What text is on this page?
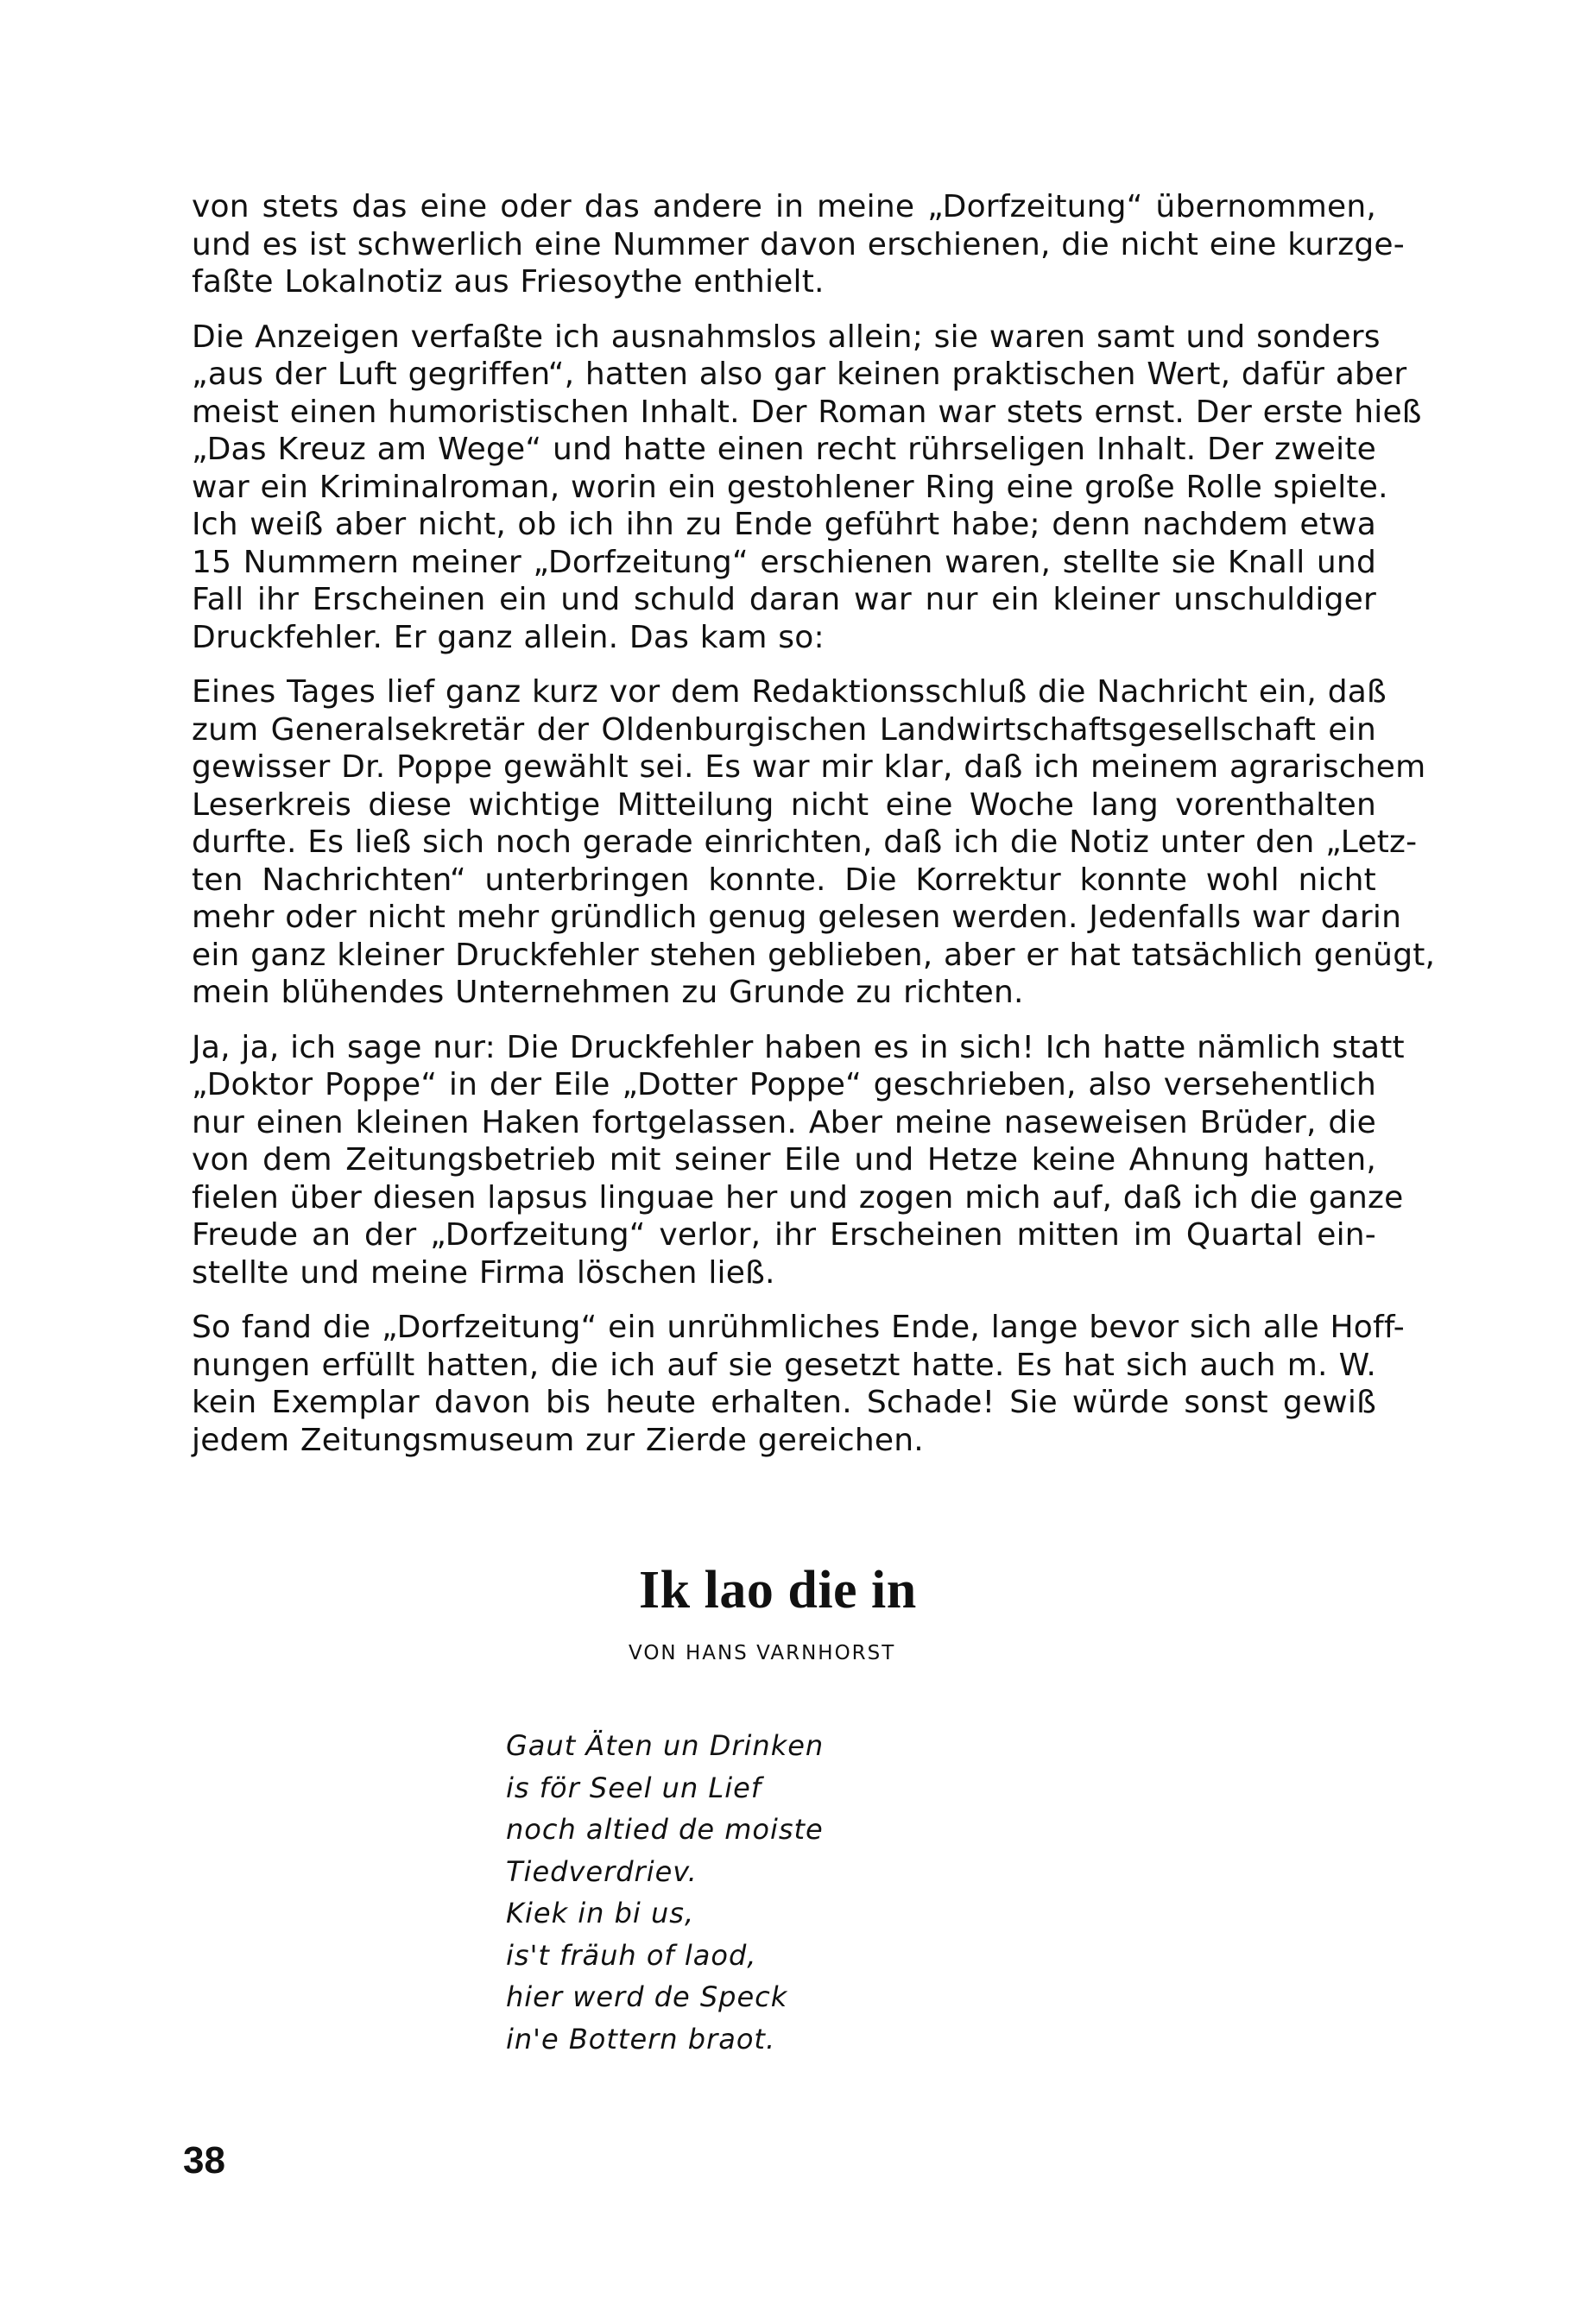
von stets das eine oder das andere in meine „Dorfzeitung“ übernommen,
und es ist schwerlich eine Nummer davon erschienen, die nicht eine kurzge-
faßte Lokalnotiz aus Friesoythe enthielt.

Die Anzeigen verfaßte ich ausnahmslos allein; sie waren samt und sonders
„aus der Luft gegriffen“, hatten also gar keinen praktischen Wert, dafür aber
meist einen humoristischen Inhalt. Der Roman war stets ernst. Der erste hieß
„Das Kreuz am Wege“ und hatte einen recht rührseligen Inhalt. Der zweite
war ein Kriminalroman, worin ein gestohlener Ring eine große Rolle spielte.
Ich weiß aber nicht, ob ich ihn zu Ende geführt habe; denn nachdem etwa
15 Nummern meiner „Dorfzeitung“ erschienen waren, stellte sie Knall und
Fall ihr Erscheinen ein und schuld daran war nur ein kleiner unschuldiger
Druckfehler. Er ganz allein. Das kam so:

Eines Tages lief ganz kurz vor dem Redaktionsschluß die Nachricht ein, daß
zum Generalsekretär der Oldenburgischen Landwirtschaftsgesellschaft ein
gewisser Dr. Poppe gewählt sei. Es war mir klar, daß ich meinem agrarischem
Leserkreis diese wichtige Mitteilung nicht eine Woche lang vorenthalten
durfte. Es ließ sich noch gerade einrichten, daß ich die Notiz unter den „Letz-
ten Nachrichten“ unterbringen konnte. Die Korrektur konnte wohl nicht
mehr oder nicht mehr gründlich genug gelesen werden. Jedenfalls war darin
ein ganz kleiner Druckfehler stehen geblieben, aber er hat tatsächlich genügt,
mein blühendes Unternehmen zu Grunde zu richten.

Ja, ja, ich sage nur: Die Druckfehler haben es in sich! Ich hatte nämlich statt
„Doktor Poppe“ in der Eile „Dotter Poppe“ geschrieben, also versehentlich
nur einen kleinen Haken fortgelassen. Aber meine naseweisen Brüder, die
von dem Zeitungsbetrieb mit seiner Eile und Hetze keine Ahnung hatten,
fielen über diesen lapsus linguae her und zogen mich auf, daß ich die ganze
Freude an der „Dorfzeitung“ verlor, ihr Erscheinen mitten im Quartal ein-
stellte und meine Firma löschen ließ.

So fand die „Dorfzeitung“ ein unrühmliches Ende, lange bevor sich alle Hoff-
nungen erfüllt hatten, die ich auf sie gesetzt hatte. Es hat sich auch m. W.
kein Exemplar davon bis heute erhalten. Schade! Sie würde sonst gewiß
jedem Zeitungsmuseum zur Zierde gereichen.

Ik lao die in
VON HANS VARNHORST
Gaut Äten un Drinken
is för Seel un Lief
noch altied de moiste
Tiedverdriev.
Kiek in bi us,
is't fräuh of laod,
hier werd de Speck
in'e Bottern braot.
38
